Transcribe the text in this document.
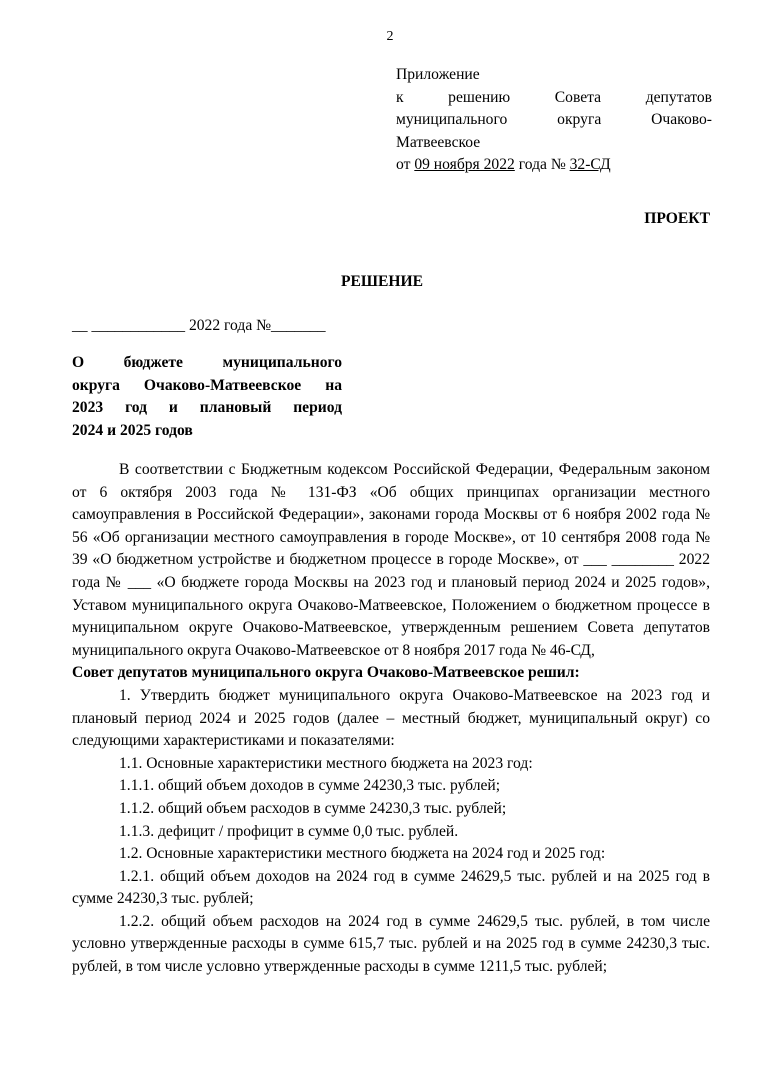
2
Приложение
к решению Совета депутатов
муниципального округа Очаково-
Матвеевское
от 09 ноября 2022 года № 32-СД
ПРОЕКТ
РЕШЕНИЕ
__ ____________ 2022 года №_______
О бюджете муниципального
округа Очаково-Матвеевское на
2023 год и плановый период
2024 и 2025 годов

В соответствии с Бюджетным кодексом Российской Федерации, Федеральным законом от 6 октября 2003 года № 131-ФЗ «Об общих принципах организации местного самоуправления в Российской Федерации», законами города Москвы от 6 ноября 2002 года № 56 «Об организации местного самоуправления в городе Москве», от 10 сентября 2008 года № 39 «О бюджетном устройстве и бюджетном процессе в городе Москве», от ___ ________ 2022 года № ___ «О бюджете города Москвы на 2023 год и плановый период 2024 и 2025 годов», Уставом муниципального округа Очаково-Матвеевское, Положением о бюджетном процессе в муниципальном округе Очаково-Матвеевское, утвержденным решением Совета депутатов муниципального округа Очаково-Матвеевское от 8 ноября 2017 года № 46-СД,

Совет депутатов муниципального округа Очаково-Матвеевское решил:

1. Утвердить бюджет муниципального округа Очаково-Матвеевское на 2023 год и плановый период 2024 и 2025 годов (далее – местный бюджет, муниципальный округ) со следующими характеристиками и показателями:

1.1. Основные характеристики местного бюджета на 2023 год:

1.1.1. общий объем доходов в сумме 24230,3 тыс. рублей;

1.1.2. общий объем расходов в сумме 24230,3 тыс. рублей;

1.1.3. дефицит / профицит в сумме 0,0 тыс. рублей.

1.2. Основные характеристики местного бюджета на 2024 год и 2025 год:

1.2.1. общий объем доходов на 2024 год в сумме 24629,5 тыс. рублей и на 2025 год в сумме 24230,3 тыс. рублей;

1.2.2. общий объем расходов на 2024 год в сумме 24629,5 тыс. рублей, в том числе условно утвержденные расходы в сумме 615,7 тыс. рублей и на 2025 год в сумме 24230,3 тыс. рублей, в том числе условно утвержденные расходы в сумме 1211,5 тыс. рублей;
